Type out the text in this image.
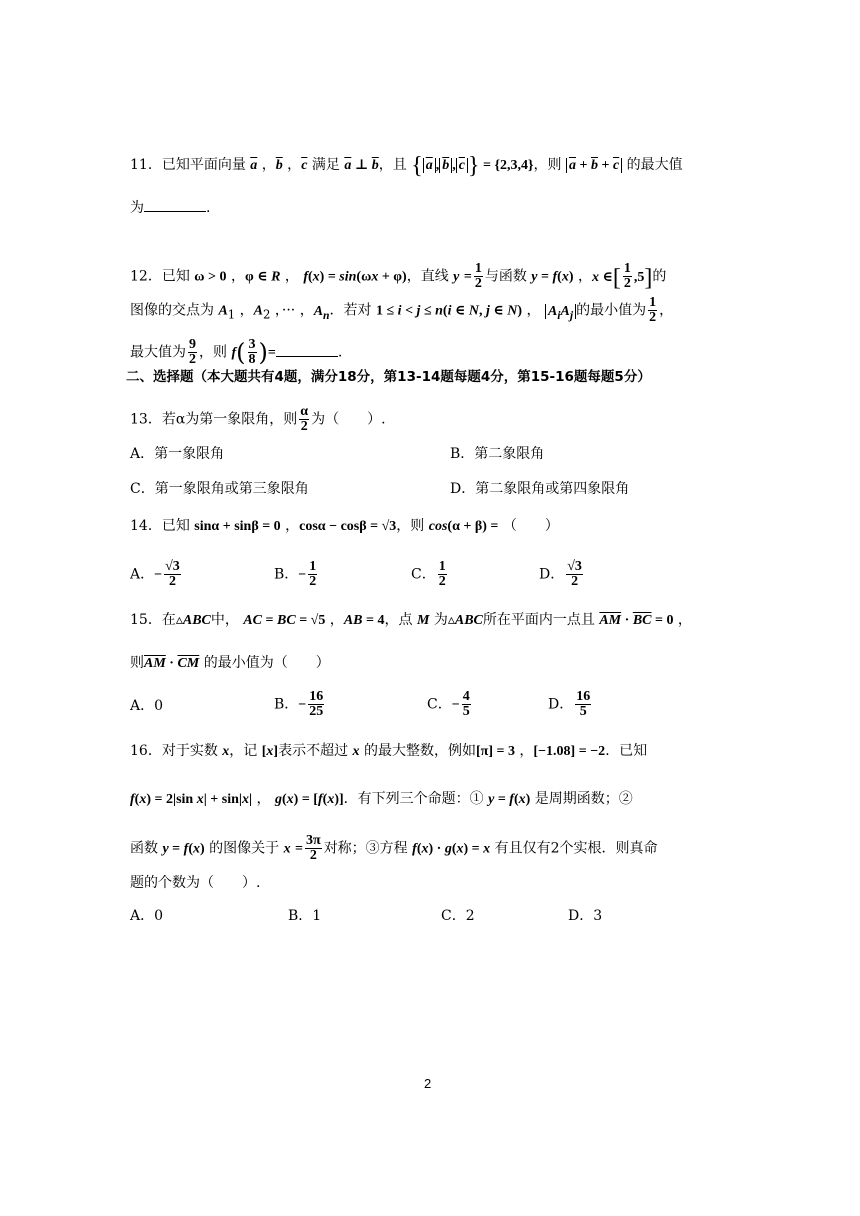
11．已知平面向量 $\overline{a}$ ，$\overline{b}$ ，$\overline{c}$ 满足 $\overline{a}$ ⊥ $\overline{b}$，且 { $\overline{a}$ , $\overline{b}$ , $\overline{c}$ } = {2,3,4}，则 $\overline{a} + \overline{b} + \overline{c}$ 的最大值
为	.
12．已知 ω > 0 ，φ ∈ R ， f(x) = sin(ωx + φ)，直线 $y = \frac{1}{2}$ 与函数 y = f(x) ，x ∈[ $\frac{1}{2} ,5$]的
图像的交点为 $A_1$ ，$A_2$ ，··· ，$A_n$．若对 1 ≤ i < j ≤ n(i ∈ N, j ∈ N) ， $A_iA_j$ 的最小值为 $\frac{1}{2}$ ，
最大值为 $\frac{9}{2}$ ，则 $f( \frac{3}{8}$ )=	.
二、选择题（本大题共有4题，满分18分，第13-14题每题4分，第15-16题每题5分）
13．若α为第一象限角，则 $\frac{\alpha}{2}$ 为（　　）.
A．第一象限角	B．第二象限角
C．第一象限角或第三象限角	D．第二象限角或第四象限角
14．已知 sinα + sinβ = 0 ，cosα − cosβ = √3，则 cos(α + β) = （　　）
A．− $\frac{√3}{2}$	B．− $\frac{1}{2}$	C． $\frac{1}{2}$	D． $\frac{√3}{2}$
15．在▵ABC中， AC = BC = √5 ，AB = 4，点 M 为▵ABC所在平面内一点且 $\overline{AM} \cdot \overline{BC} = 0$ ，
则$\overline{AM} \cdot \overline{CM}$ 的最小值为（　　）
A．0	B．− $\frac{16}{25}$	C．− $\frac{4}{5}$	D． $\frac{16}{5}$
16．对于实数 x，记 [x]表示不超过 x 的最大整数，例如[π] = 3 ，[−1.08] = −2．已知
f(x) = 2|sin x| + sin|x| ， g(x) = [f(x)]．有下列三个命题：① y = f(x) 是周期函数；②
函数 y = f(x) 的图像关于 $x = \frac{3\pi}{2}$ 对称；③方程 f(x) · g(x) = x 有且仅有2个实根．则真命
题的个数为（　　）.
A．0	B．1	C．2	D．3
2
